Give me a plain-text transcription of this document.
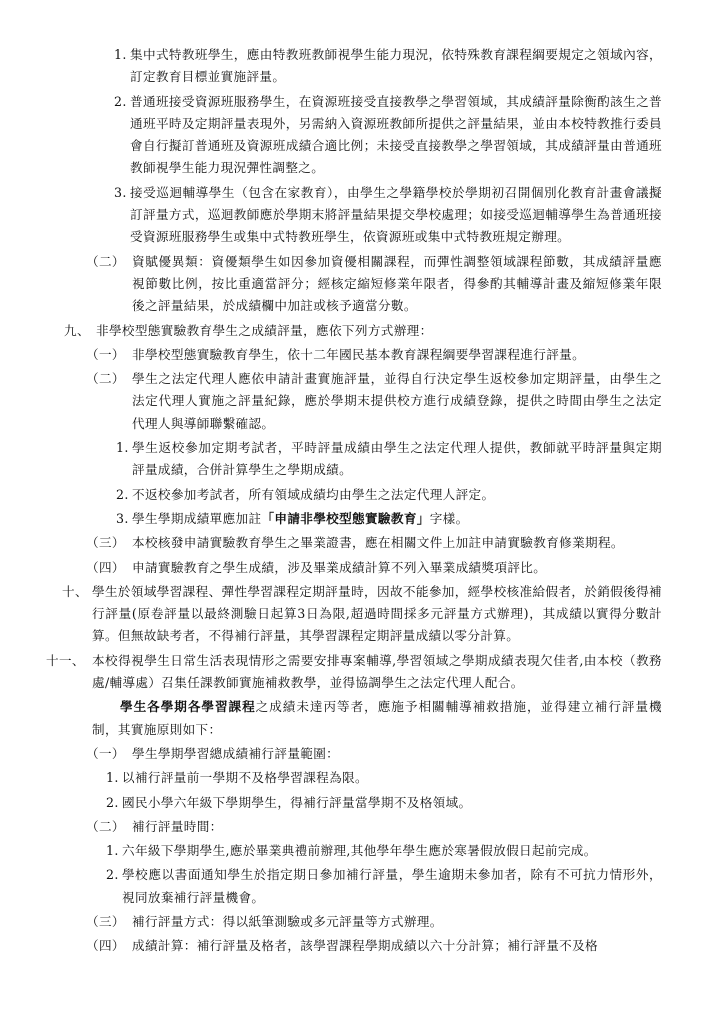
1. 集中式特教班學生，應由特教班教師視學生能力現況，依特殊教育課程綱要規定之領域內容，訂定教育目標並實施評量。
2. 普通班接受資源班服務學生，在資源班接受直接教學之學習領域，其成績評量除衡酌該生之普通班平時及定期評量表現外，另需納入資源班教師所提供之評量結果，並由本校特教推行委員會自行擬訂普通班及資源班成績合適比例；未接受直接教學之學習領域，其成績評量由普通班教師視學生能力現況彈性調整之。
3. 接受巡迴輔導學生（包含在家教育），由學生之學籍學校於學期初召開個別化教育計畫會議擬訂評量方式，巡迴教師應於學期末將評量結果提交學校處理；如接受巡迴輔導學生為普通班接受資源班服務學生或集中式特教班學生，依資源班或集中式特教班規定辦理。
（二） 資賦優異類：資優類學生如因參加資優相關課程，而彈性調整領域課程節數，其成績評量應視節數比例，按比重適當評分；經核定縮短修業年限者，得參酌其輔導計畫及縮短修業年限後之評量結果，於成績欄中加註或核予適當分數。
九、 非學校型態實驗教育學生之成績評量，應依下列方式辦理：
（一） 非學校型態實驗教育學生，依十二年國民基本教育課程綱要學習課程進行評量。
（二） 學生之法定代理人應依申請計畫實施評量，並得自行決定學生返校參加定期評量，由學生之法定代理人實施之評量紀錄，應於學期末提供校方進行成績登錄，提供之時間由學生之法定代理人與導師聯繫確認。
1. 學生返校參加定期考試者，平時評量成績由學生之法定代理人提供，教師就平時評量與定期評量成績，合併計算學生之學期成績。
2. 不返校參加考試者，所有領域成績均由學生之法定代理人評定。
3. 學生學期成績單應加註「申請非學校型態實驗教育」字樣。
（三） 本校核發申請實驗教育學生之畢業證書，應在相關文件上加註申請實驗教育修業期程。
（四） 申請實驗教育之學生成績，涉及畢業成績計算不列入畢業成績獎項評比。
十、 學生於領域學習課程、彈性學習課程定期評量時，因故不能參加，經學校核准給假者，於銷假後得補行評量(原卷評量以最終測驗日起算3日為限,超過時間採多元評量方式辦理)，其成績以實得分數計算。但無故缺考者，不得補行評量，其學習課程定期評量成績以零分計算。
十一、 本校得視學生日常生活表現情形之需要安排專案輔導,學習領域之學期成績表現欠佳者,由本校（教務處/輔導處）召集任課教師實施補救教學，並得協調學生之法定代理人配合。
學生各學期各學習課程之成績未達丙等者，應施予相關輔導補救措施，並得建立補行評量機制，其實施原則如下：
（一） 學生學期學習總成績補行評量範圍：
1. 以補行評量前一學期不及格學習課程為限。
2. 國民小學六年級下學期學生，得補行評量當學期不及格領域。
（二） 補行評量時間：
1. 六年級下學期學生,應於畢業典禮前辦理,其他學年學生應於寒暑假放假日起前完成。
2. 學校應以書面通知學生於指定期日參加補行評量，學生逾期未參加者，除有不可抗力情形外，視同放棄補行評量機會。
（三） 補行評量方式：得以紙筆測驗或多元評量等方式辦理。
（四） 成績計算：補行評量及格者，該學習課程學期成績以六十分計算；補行評量不及格
